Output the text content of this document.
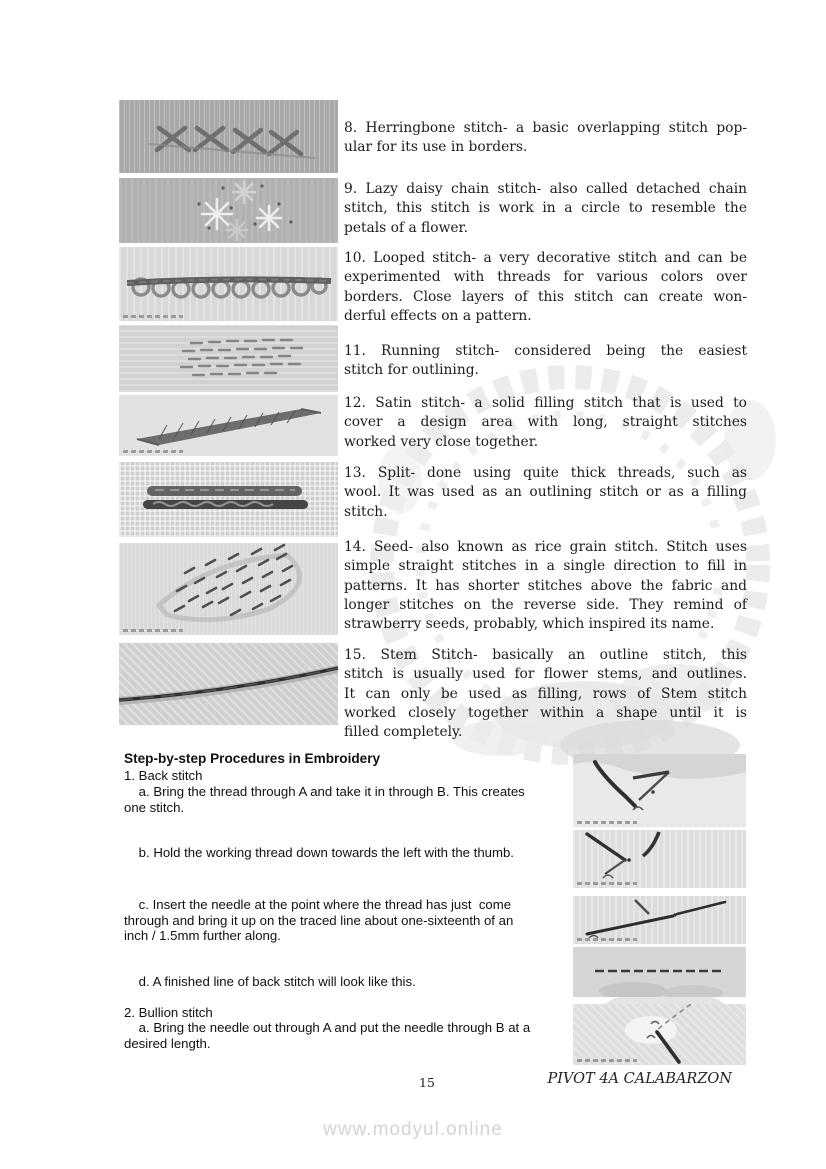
8. Herringbone stitch- a basic overlapping stitch pop-
ular for its use in borders.
9. Lazy daisy chain stitch- also called detached chain
stitch, this stitch is work in a circle to resemble the
petals of a flower.
10. Looped stitch- a very decorative stitch and can be
experimented with threads for various colors over
borders. Close layers of this stitch can create won-
derful effects on a pattern.
11. Running stitch- considered being the easiest
stitch for outlining.
12. Satin stitch- a solid filling stitch that is used to
cover a design area with long, straight stitches
worked very close together.
13. Split- done using quite thick threads, such as
wool. It was used as an outlining stitch or as a filling
stitch.
14. Seed- also known as rice grain stitch. Stitch uses
simple straight stitches in a single direction to fill in
patterns. It has shorter stitches above the fabric and
longer stitches on the reverse side. They remind of
strawberry seeds, probably, which inspired its name.
15. Stem Stitch- basically an outline stitch, this
stitch is usually used for flower stems, and outlines.
It can only be used as filling, rows of Stem stitch
worked closely together within a shape until it is
filled completely.
Step-by-step Procedures in Embroidery
1. Back stitch
a. Bring the thread through A and take it in through B. This creates
one stitch.
b. Hold the working thread down towards the left with the thumb.
c. Insert the needle at the point where the thread has just  come
through and bring it up on the traced line about one-sixteenth of an
inch / 1.5mm further along.
d. A finished line of back stitch will look like this.
2. Bullion stitch
a. Bring the needle out through A and put the needle through B at a
desired length.
15	PIVOT 4A CALABARZON
www.modyul.online
